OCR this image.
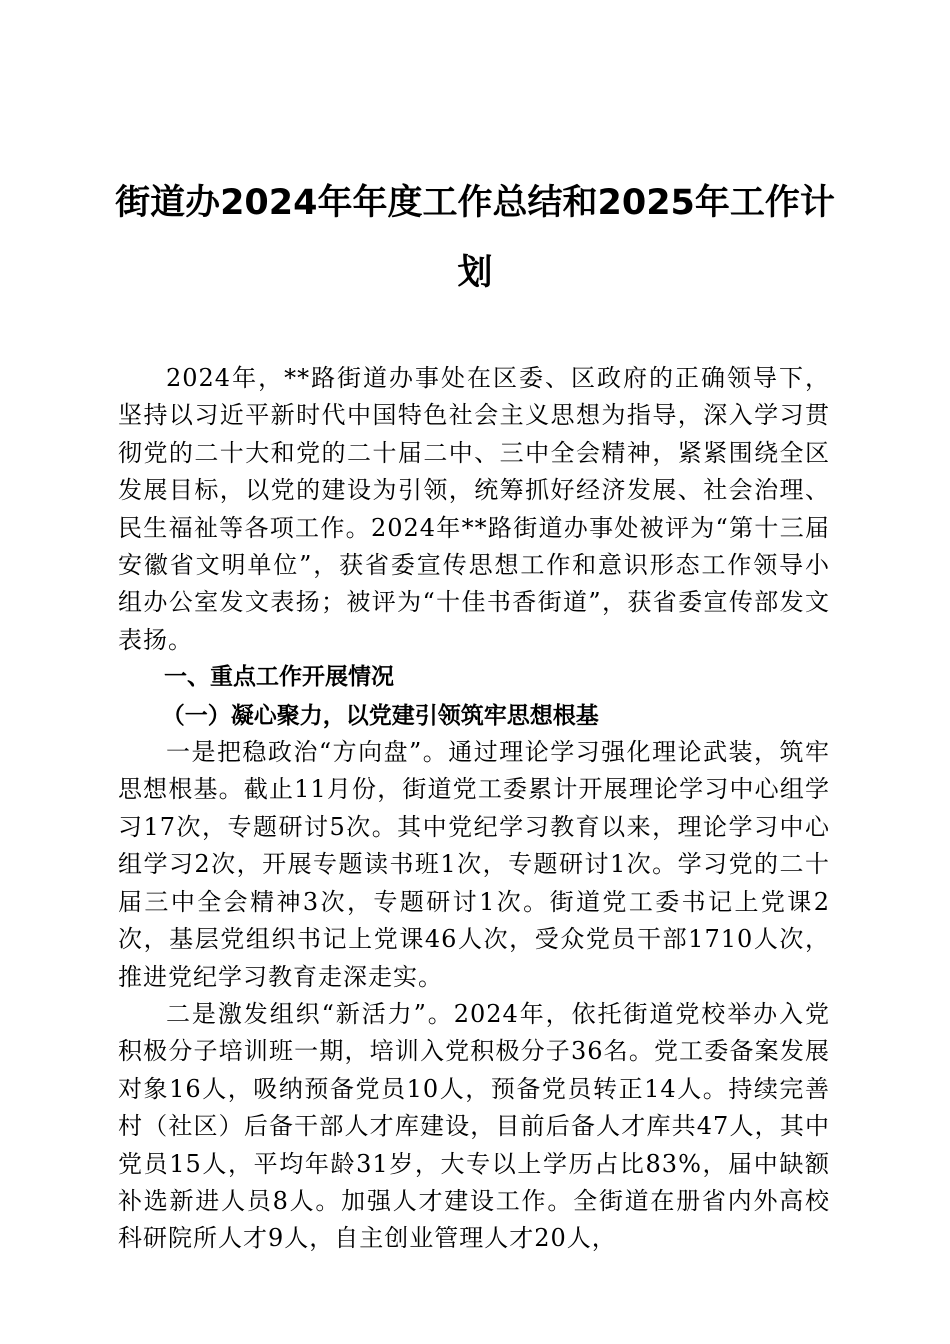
街道办2024年年度工作总结和2025年工作计划

2024年，**路街道办事处在区委、区政府的正确领导下，坚持以习近平新时代中国特色社会主义思想为指导，深入学习贯彻党的二十大和党的二十届二中、三中全会精神，紧紧围绕全区发展目标，以党的建设为引领，统筹抓好经济发展、社会治理、民生福祉等各项工作。2024年**路街道办事处被评为“第十三届安徽省文明单位”，获省委宣传思想工作和意识形态工作领导小组办公室发文表扬；被评为“十佳书香街道”，获省委宣传部发文表扬。

一、重点工作开展情况

（一）凝心聚力，以党建引领筑牢思想根基

一是把稳政治“方向盘”。通过理论学习强化理论武装，筑牢思想根基。截止11月份，街道党工委累计开展理论学习中心组学习17次，专题研讨5次。其中党纪学习教育以来，理论学习中心组学习2次，开展专题读书班1次，专题研讨1次。学习党的二十届三中全会精神3次，专题研讨1次。街道党工委书记上党课2次，基层党组织书记上党课46人次，受众党员干部1710人次，推进党纪学习教育走深走实。

二是激发组织“新活力”。2024年，依托街道党校举办入党积极分子培训班一期，培训入党积极分子36名。党工委备案发展对象16人，吸纳预备党员10人，预备党员转正14人。持续完善村（社区）后备干部人才库建设，目前后备人才库共47人，其中党员15人，平均年龄31岁，大专以上学历占比83%，届中缺额补选新进人员8人。加强人才建设工作。全街道在册省内外高校科研院所人才9人，自主创业管理人才20人，
